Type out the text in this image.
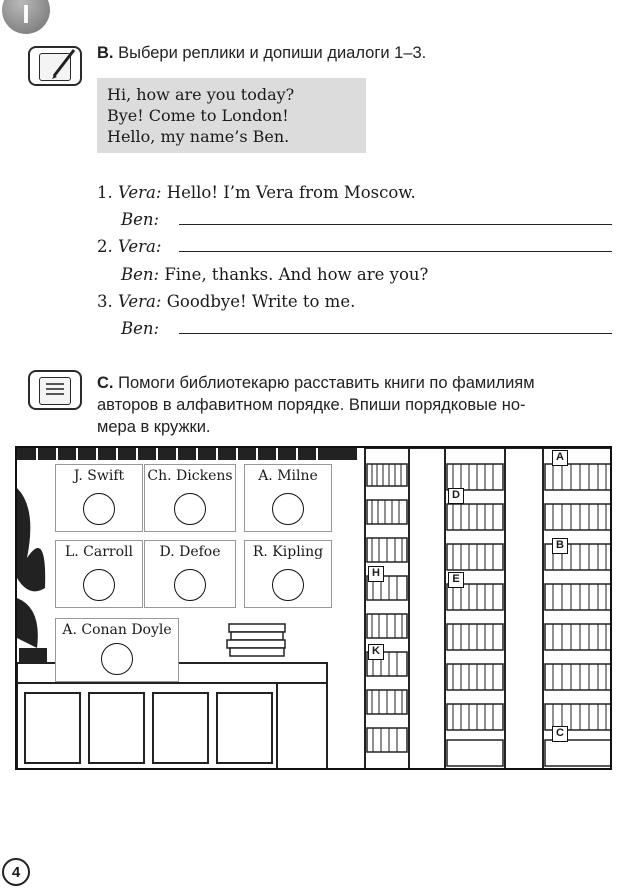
I
B. Выбери реплики и допиши диалоги 1–3.
Hi, how are you today?
Bye! Come to London!
Hello, my name’s Ben.
1. Vera: Hello! I’m Vera from Moscow.
Ben:
2. Vera:
Ben: Fine, thanks. And how are you?
3. Vera: Goodbye! Write to me.
Ben:
C. Помоги библиотекарю расставить книги по фамилиям
авторов в алфавитном порядке. Впиши порядковые но-
мера в кружки.
A
B
C
D
E
H
K
J. Swift	Ch. Dickens	A. Milne
L. Carroll	D. Defoe	R. Kipling
A. Conan Doyle
4
